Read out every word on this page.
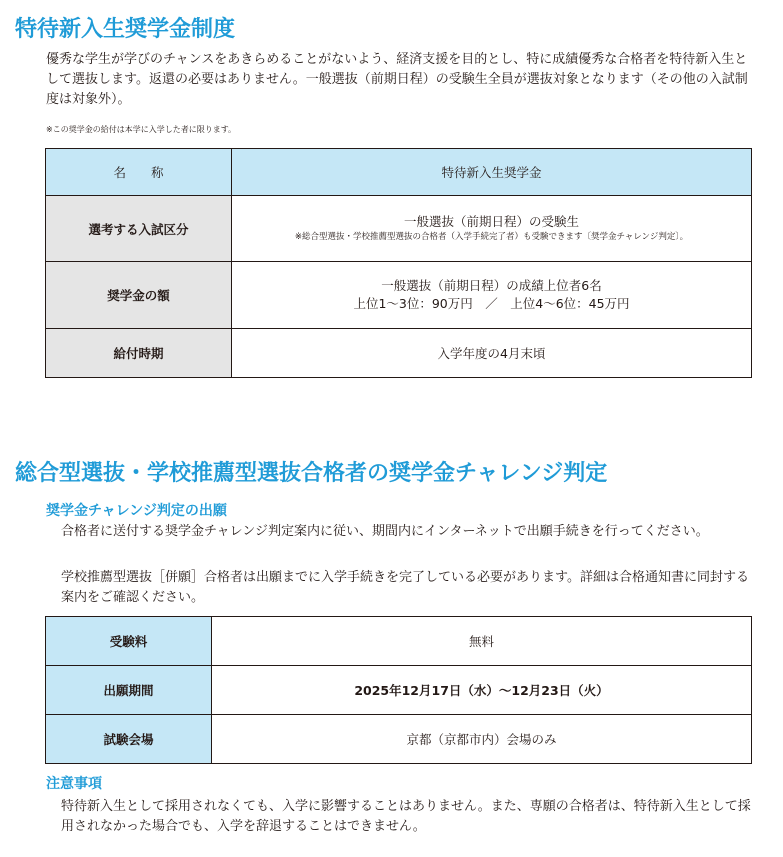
特待新入生奨学金制度

優秀な学生が学びのチャンスをあきらめることがないよう、経済支援を目的とし、特に成績優秀な合格者を特待新入生として選抜します。返還の必要はありません。一般選抜（前期日程）の受験生全員が選抜対象となります（その他の入試制度は対象外）。

※この奨学金の給付は本学に入学した者に限ります。

名　　称	特待新入生奨学金
選考する入試区分	一般選抜（前期日程）の受験生
※総合型選抜・学校推薦型選抜の合格者（入学手続完了者）も受験できます〔奨学金チャレンジ判定〕。

奨学金の額	一般選抜（前期日程）の成績上位者6名
上位1〜3位：90万円　／　上位4〜6位：45万円

給付時期	入学年度の4月末頃
総合型選抜・学校推薦型選抜合格者の奨学金チャレンジ判定
奨学金チャレンジ判定の出願

合格者に送付する奨学金チャレンジ判定案内に従い、期間内にインターネットで出願手続きを行ってください。

学校推薦型選抜［併願］合格者は出願までに入学手続きを完了している必要があります。詳細は合格通知書に同封する案内をご確認ください。

受験料	無料
出願期間	2025年12月17日（水）〜12月23日（火）
試験会場	京都（京都市内）会場のみ
注意事項

特待新入生として採用されなくても、入学に影響することはありません。また、専願の合格者は、特待新入生として採用されなかった場合でも、入学を辞退することはできません。
